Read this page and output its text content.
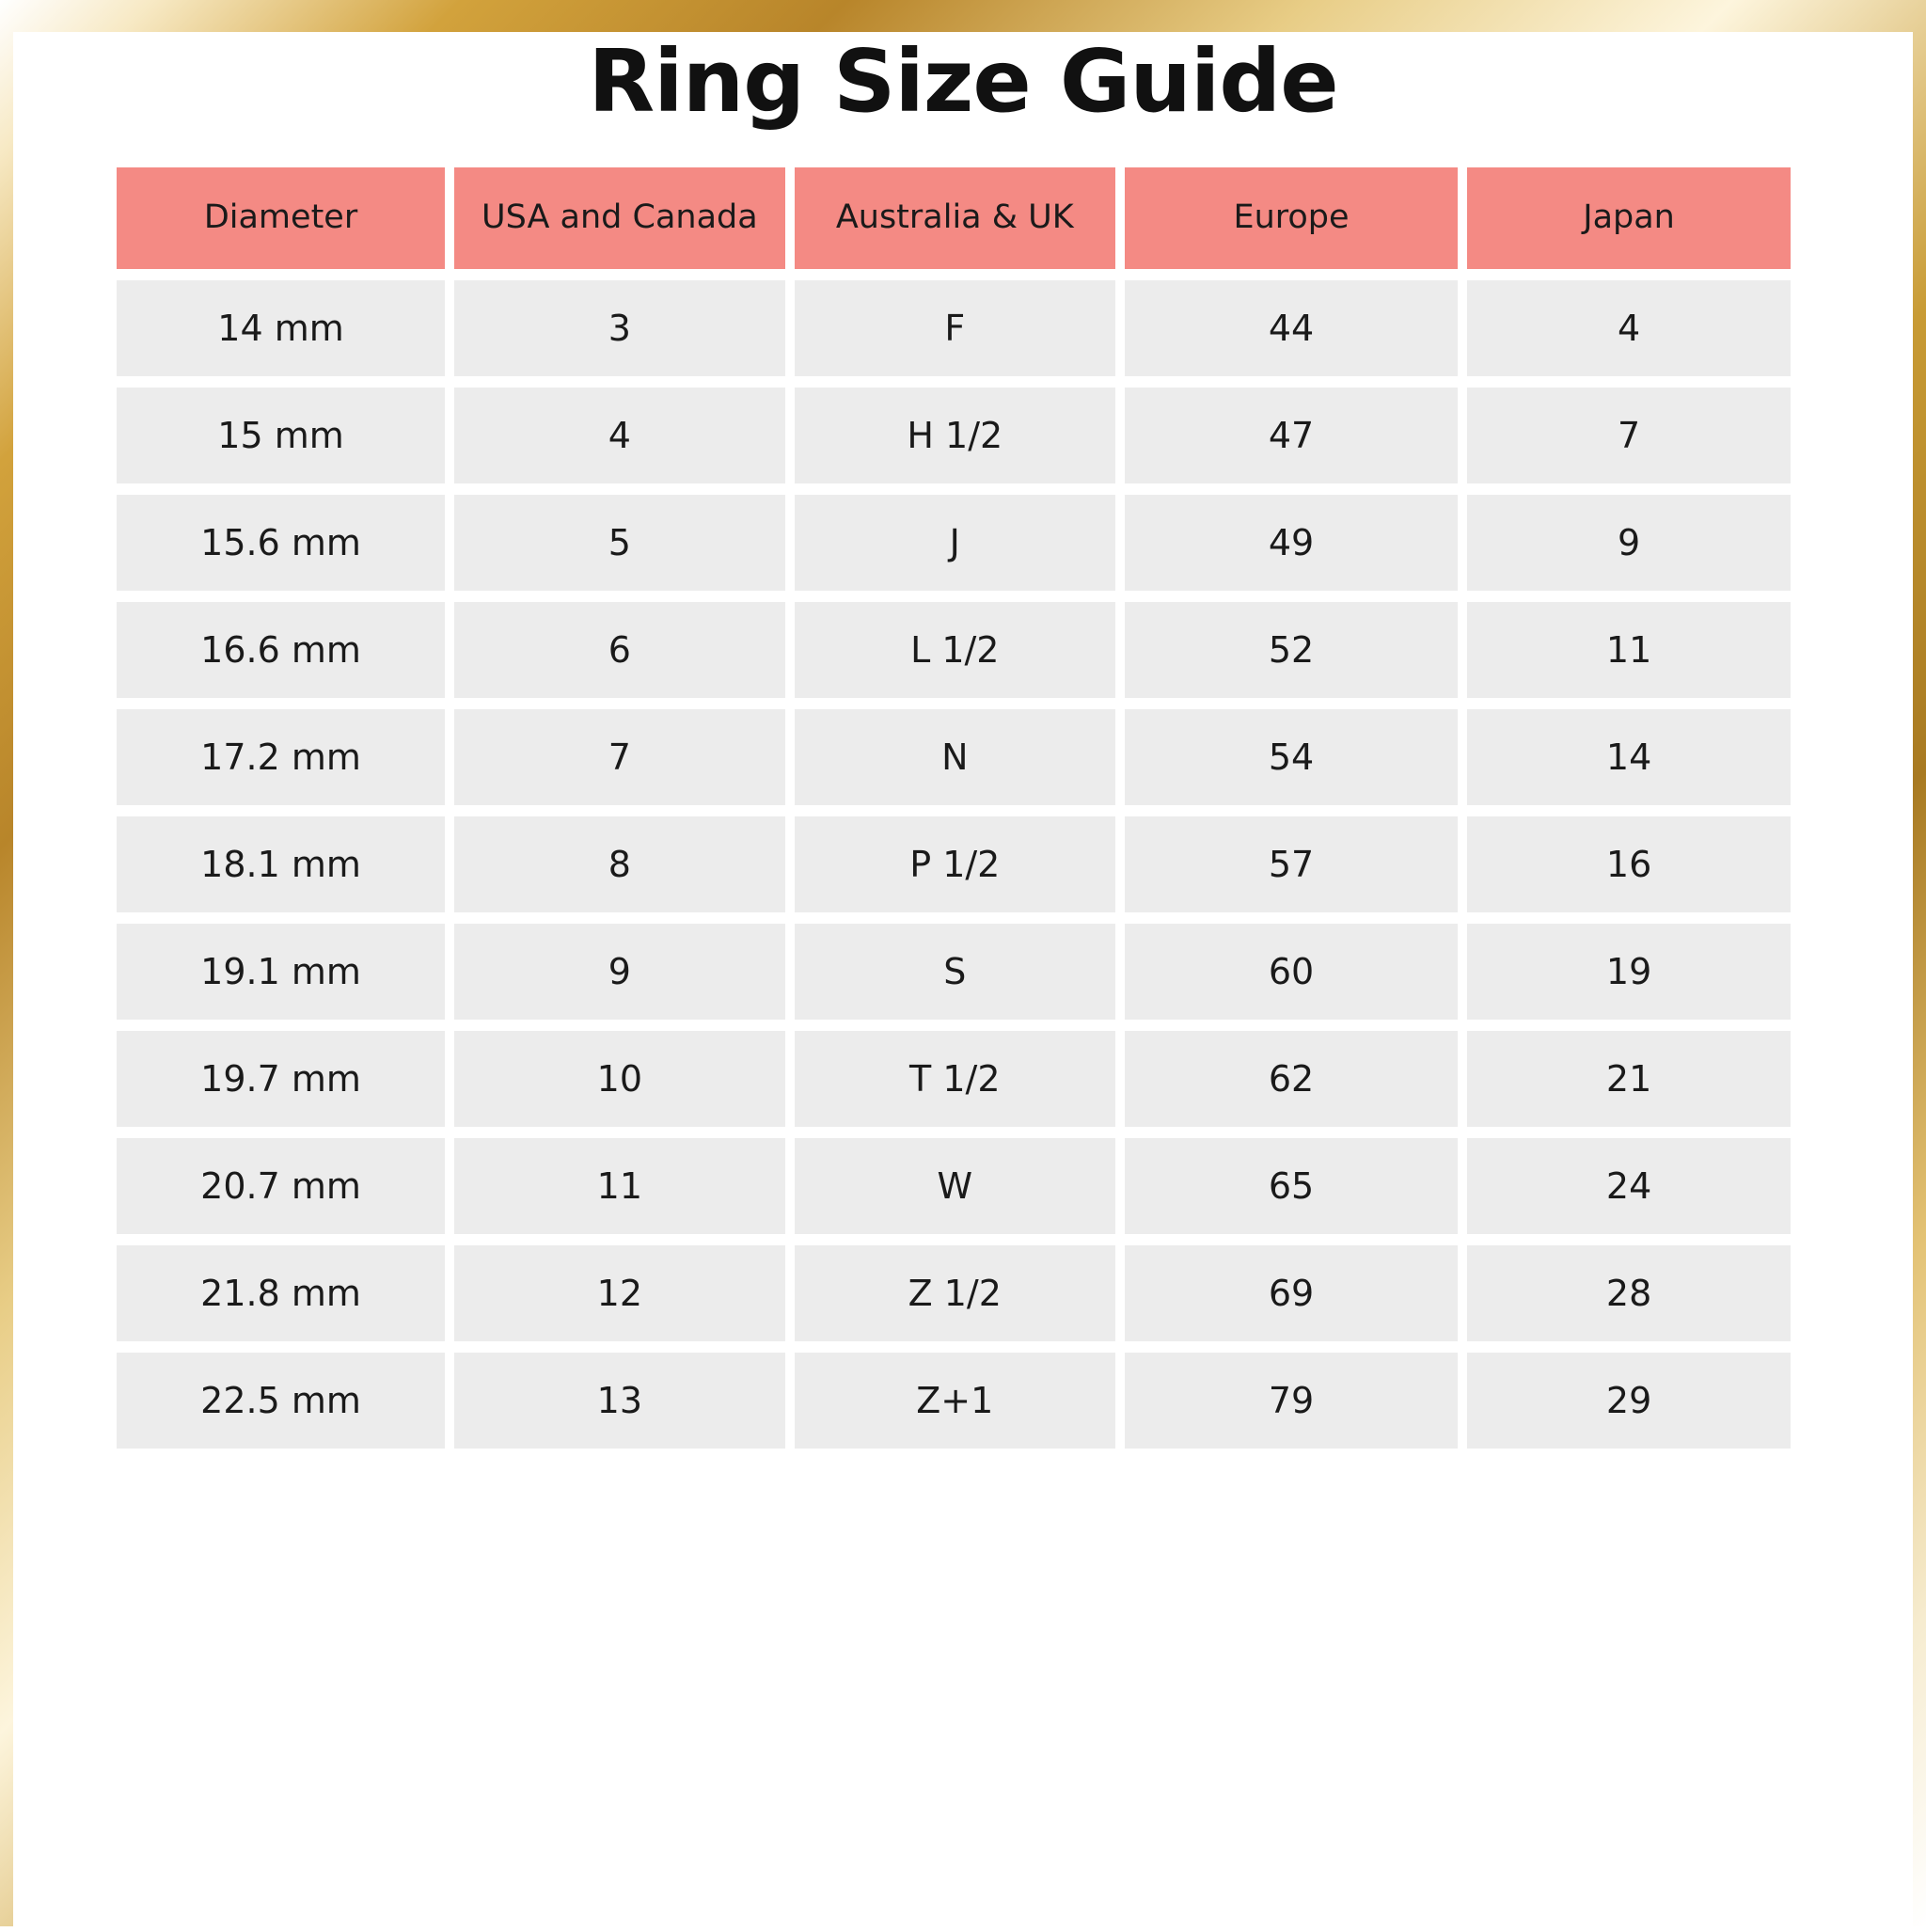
Ring Size Guide
Diameter	USA and Canada	Australia & UK	Europe	Japan
14 mm	3	F	44	4
15 mm	4	H 1/2	47	7
15.6 mm	5	J	49	9
16.6 mm	6	L 1/2	52	11
17.2 mm	7	N	54	14
18.1 mm	8	P 1/2	57	16
19.1 mm	9	S	60	19
19.7 mm	10	T 1/2	62	21
20.7 mm	11	W	65	24
21.8 mm	12	Z 1/2	69	28
22.5 mm	13	Z+1	79	29
